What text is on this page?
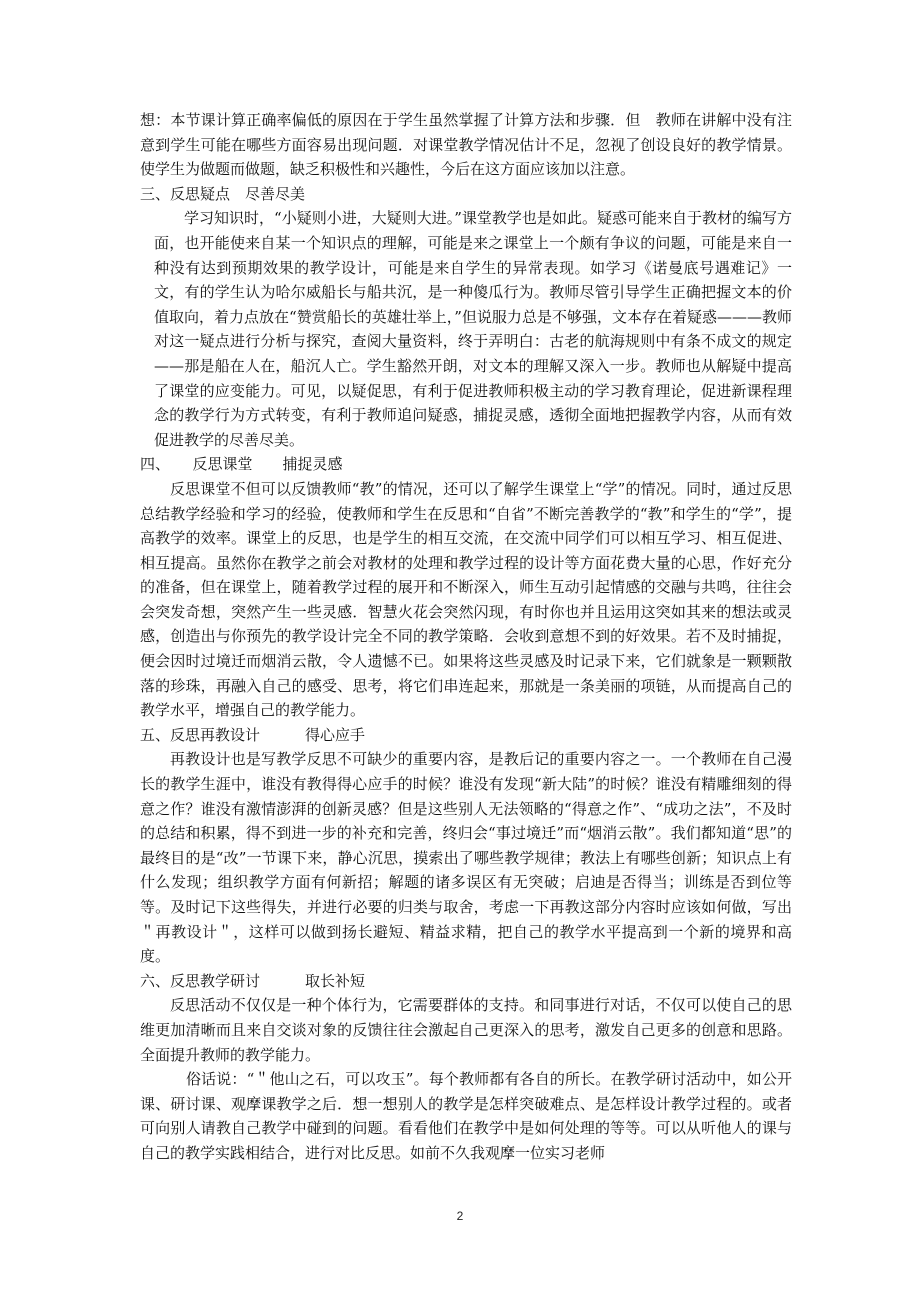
想：本节课计算正确率偏低的原因在于学生虽然掌握了计算方法和步骤．但　教师在讲解中没有注意到学生可能在哪些方面容易出现问题．对课堂教学情况估计不足，忽视了创设良好的教学情景。使学生为做题而做题，缺乏积极性和兴趣性，今后在这方面应该加以注意。

三、反思疑点　尽善尽美

学习知识时，“小疑则小进，大疑则大进。”课堂教学也是如此。疑惑可能来自于教材的编写方面，也开能使来自某一个知识点的理解，可能是来之课堂上一个颇有争议的问题，可能是来自一种没有达到预期效果的教学设计，可能是来自学生的异常表现。如学习《诺曼底号遇难记》一文，有的学生认为哈尔威船长与船共沉，是一种傻瓜行为。教师尽管引导学生正确把握文本的价值取向，着力点放在“赞赏船长的英雄壮举上，”但说服力总是不够强，文本存在着疑惑———教师对这一疑点进行分析与探究，查阅大量资料，终于弄明白：古老的航海规则中有条不成文的规定——那是船在人在，船沉人亡。学生豁然开朗，对文本的理解又深入一步。教师也从解疑中提高了课堂的应变能力。可见，以疑促思，有利于促进教师积极主动的学习教育理论，促进新课程理念的教学行为方式转变，有利于教师追问疑惑，捕捉灵感，透彻全面地把握教学内容，从而有效促进教学的尽善尽美。

四、　　反思课堂　　捕捉灵感

反思课堂不但可以反馈教师“教”的情况，还可以了解学生课堂上“学”的情况。同时，通过反思总结教学经验和学习的经验，使教师和学生在反思和“自省”不断完善教学的“教”和学生的“学”，提高教学的效率。课堂上的反思，也是学生的相互交流，在交流中同学们可以相互学习、相互促进、相互提高。虽然你在教学之前会对教材的处理和教学过程的设计等方面花费大量的心思，作好充分的准备，但在课堂上，随着教学过程的展开和不断深入，师生互动引起情感的交融与共鸣，往往会会突发奇想，突然产生一些灵感．智慧火花会突然闪现，有时你也并且运用这突如其来的想法或灵感，创造出与你预先的教学设计完全不同的教学策略．会收到意想不到的好效果。若不及时捕捉，便会因时过境迁而烟消云散，令人遗憾不已。如果将这些灵感及时记录下来，它们就象是一颗颗散落的珍珠，再融入自己的感受、思考，将它们串连起来，那就是一条美丽的项链，从而提高自己的教学水平，增强自己的教学能力。

五、反思再教设计　　　得心应手

再教设计也是写教学反思不可缺少的重要内容，是教后记的重要内容之一。一个教师在自己漫长的教学生涯中，谁没有教得得心应手的时候？谁没有发现“新大陆”的时候？谁没有精雕细刻的得意之作？谁没有激情澎湃的创新灵感？但是这些别人无法领略的“得意之作”、“成功之法”，不及时的总结和积累，得不到进一步的补充和完善，终归会“事过境迁”而“烟消云散”。我们都知道“思”的最终目的是“改”一节课下来，静心沉思，摸索出了哪些教学规律；教法上有哪些创新；知识点上有什么发现；组织教学方面有何新招；解题的诸多误区有无突破；启迪是否得当；训练是否到位等等。及时记下这些得失，并进行必要的归类与取舍，考虑一下再教这部分内容时应该如何做，写出＂再教设计＂，这样可以做到扬长避短、精益求精，把自己的教学水平提高到一个新的境界和高度。

六、反思教学研讨　　　取长补短

反思活动不仅仅是一种个体行为，它需要群体的支持。和同事进行对话，不仅可以使自己的思维更加清晰而且来自交谈对象的反馈往往会激起自己更深入的思考，激发自己更多的创意和思路。全面提升教师的教学能力。

俗话说：“＂他山之石，可以攻玉”。每个教师都有各自的所长。在教学研讨活动中，如公开课、研讨课、观摩课教学之后．想一想别人的教学是怎样突破难点、是怎样设计教学过程的。或者可向别人请教自己教学中碰到的问题。看看他们在教学中是如何处理的等等。可以从听他人的课与自己的教学实践相结合，进行对比反思。如前不久我观摩一位实习老师

2
